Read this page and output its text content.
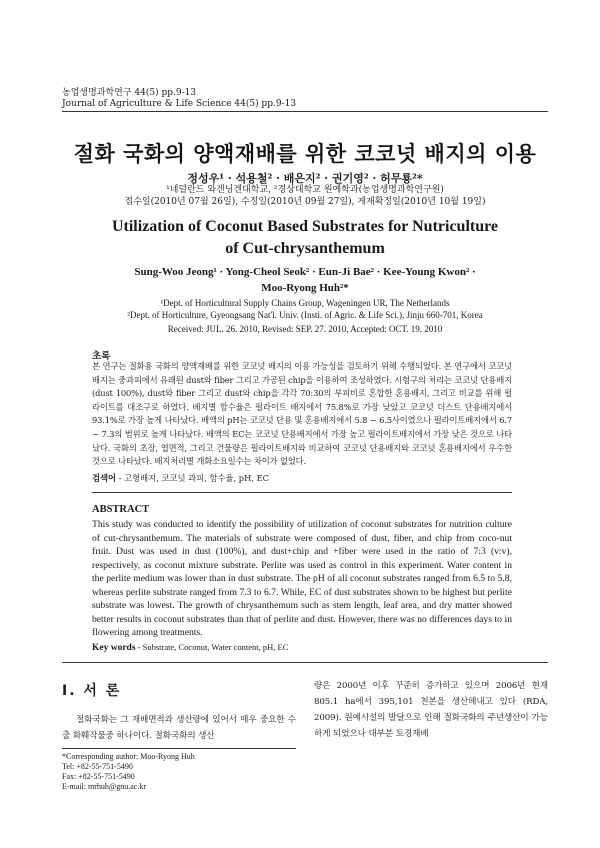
농업생명과학연구 44(5) pp.9-13
Journal of Agriculture & Life Science 44(5) pp.9-13
절화 국화의 양액재배를 위한 코코넛 배지의 이용
정성우¹ · 석용철² · 배은지² · 권기영² · 허무룡²*
¹네덜란드 와겐닝겐대학교, ²경상대학교 원예학과(농업생명과학연구원)
접수일(2010년 07월 26일), 수정일(2010년 09월 27일), 게재확정일(2010년 10월 19일)
Utilization of Coconut Based Substrates for Nutriculture
of Cut-chrysanthemum
Sung-Woo Jeong¹ · Yong-Cheol Seok² · Eun-Ji Bae² · Kee-Young Kwon² ·
Moo-Ryong Huh²*
¹Dept. of Horticultural Supply Chains Group, Wageningen UR, The Netherlands
²Dept. of Horticulture, Gyeongsang Nat'l. Univ. (Insti. of Agric. & Life Sci.), Jinju 660-701, Korea
Received: JUL. 26. 2010, Revised: SEP. 27. 2010, Accepted: OCT. 19. 2010
초록
본 연구는 절화용 국화의 양액재배를 위한 코코넛 배지의 이용 가능성을 검토하기 위해 수행되었다. 본 연구에서 코코넛 배지는 중과피에서 유래된 dust와 fiber 그리고 가공된 chip을 이용하여 조성하였다. 시험구의 처리는 코코넛 단용배지 (dust 100%), dust와 fiber 그리고 dust와 chip을 각각 70:30의 부피비로 혼합한 혼용배지, 그리고 비교를 위해 펄라이트를 대조구로 하였다. 배지별 함수율은 펄라이트 배지에서 75.8%로 가장 낮았고 코코넛 더스트 단용배지에서 93.1%로 가장 높게 나타났다. 배액의 pH는 코코넛 단용 및 혼용배지에서 5.8 ~ 6.5사이였으나 펄라이트배지에서 6.7 ~ 7.3의 범위로 높게 나타났다. 배액의 EC는 코코넛 단용배지에서 가장 높고 펄라이트배지에서 가장 낮은 것으로 나타났다. 국화의 초장, 엽면적, 그리고 건물량은 펄라이트배지와 비교하여 코코넛 단용배지와 코코넛 혼용배지에서 우수한 것으로 나타났다. 배지처리별 개화소요일수는 차이가 없었다.
검색어 - 고형배지, 코코넛 과피, 함수율, pH, EC
ABSTRACT
This study was conducted to identify the possibility of utilization of coconut substrates for nutrition culture of cut-chrysanthemum. The materials of substrate were composed of dust, fiber, and chip from coco-nut fruit. Dust was used in dust (100%), and dust+chip and +fiber were used in the ratio of 7:3 (v:v), respectively, as coconut mixture substrate. Perlite was used as control in this experiment. Water content in the perlite medium was lower than in dust substrate. The pH of all coconut substrates ranged from 6.5 to 5.8, whereas perlite substrate ranged from 7.3 to 6.7. While, EC of dust substrates shown to be highest but perlite substrate was lowest. The growth of chrysanthemum such as stem length, leaf area, and dry matter showed better results in coconut substrates than that of perlite and dust. However, there was no differences days to in flowering among treatments.
Key words - Substrate, Coconut, Water content, pH, EC
Ⅰ. 서 론
절화국화는 그 재배면적과 생산량에 있어서 매우 중요한 수출 화훼작물중 하나이다. 절화국화의 생산
량은 2000년 이후 꾸준히 증가하고 있으며 2006년 현재 805.1 ha에서 395,101 천본을 생산해내고 있다 (RDA, 2009). 원예시설의 발달으로 인해 절화국화의 주년생산이 가능하게 되었으나 대부분 토경재배
*Corresponding author: Moo-Ryong Huh
Tel: +82-55-751-5490
Fax: +82-55-751-5490
E-mail: mrhuh@gnu.ac.kr
